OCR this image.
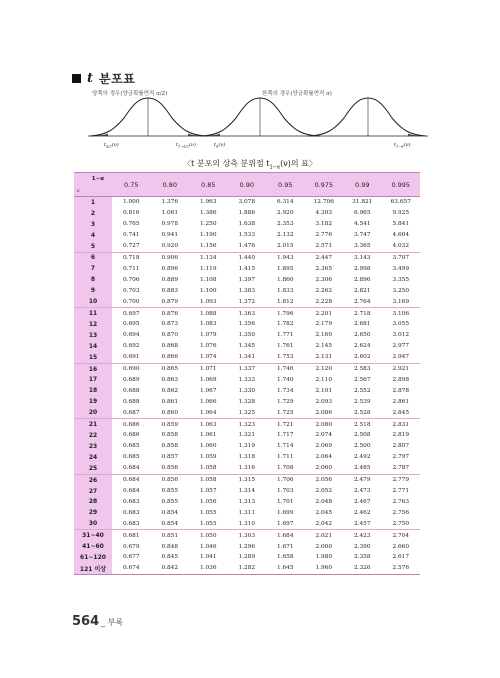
t 분포표
양쪽의 경우(양금확률면적 α/2)	한쪽의 경우(양금확률면적 α)
$t_{\alpha/2}(\nu)$	$t_{1-\alpha/2}(\nu)$	$t_\alpha(\nu)$	$t_{1-\alpha}(\nu)$
〈t 분포의 상측 분위점 $t_{1-\alpha}(\nu)$의 표〉
1−α
ν	0.75	0.80	0.85	0.90	0.95	0.975	0.99	0.995
1	1.000	1.376	1.963	3.078	6.314	12.706	31.821	63.657
2	0.816	1.061	1.386	1.886	2.920	4.303	6.965	9.925
3	0.765	0.978	1.250	1.638	2.353	3.182	4.541	5.841
4	0.741	0.941	1.190	1.533	2.132	2.776	3.747	4.604
5	0.727	0.920	1.156	1.476	2.015	2.571	3.365	4.032
6	0.718	0.906	1.134	1.440	1.943	2.447	3.143	3.707
7	0.711	0.896	1.119	1.415	1.895	2.365	2.998	3.499
8	0.706	0.889	1.108	1.397	1.860	2.306	2.896	3.355
9	0.703	0.883	1.100	1.383	1.833	2.262	2.821	3.250
10	0.700	0.879	1.093	1.372	1.812	2.228	2.764	3.169
11	0.697	0.876	1.088	1.363	1.796	2.201	2.718	3.106
12	0.695	0.873	1.083	1.356	1.782	2.179	2.681	3.055
13	0.694	0.870	1.079	1.350	1.771	2.160	2.650	3.012
14	0.692	0.868	1.076	1.345	1.761	2.145	2.624	2.977
15	0.691	0.866	1.074	1.341	1.753	2.131	2.602	2.947
16	0.690	0.865	1.071	1.337	1.746	2.120	2.583	2.921
17	0.689	0.863	1.069	1.333	1.740	2.110	2.567	2.898
18	0.688	0.862	1.067	1.330	1.734	2.101	2.552	2.878
19	0.688	0.861	1.066	1.328	1.729	2.093	2.539	2.861
20	0.687	0.860	1.064	1.325	1.725	2.086	2.528	2.845
21	0.686	0.859	1.063	1.323	1.721	2.080	2.518	2.831
22	0.686	0.858	1.061	1.321	1.717	2.074	2.508	2.819
23	0.685	0.858	1.060	1.319	1.714	2.069	2.500	2.807
24	0.685	0.857	1.059	1.318	1.711	2.064	2.492	2.797
25	0.684	0.856	1.058	1.316	1.708	2.060	2.485	2.787
26	0.684	0.856	1.058	1.315	1.706	2.056	2.479	2.779
27	0.684	0.855	1.057	1.314	1.703	2.052	2.473	2.771
28	0.683	0.855	1.056	1.313	1.701	2.048	2.467	2.763
29	0.683	0.854	1.055	1.311	1.699	2.045	2.462	2.756
30	0.683	0.854	1.055	1.310	1.697	2.042	2.457	2.750
31~40	0.681	0.851	1.050	1.303	1.684	2.021	2.423	2.704
41~60	0.679	0.848	1.046	1.296	1.671	2.000	2.390	2.660
61~120	0.677	0.845	1.041	1.289	1.658	1.980	2.358	2.617
121 이상	0.674	0.842	1.036	1.282	1.645	1.960	2.326	2.576
564 _ 부록
